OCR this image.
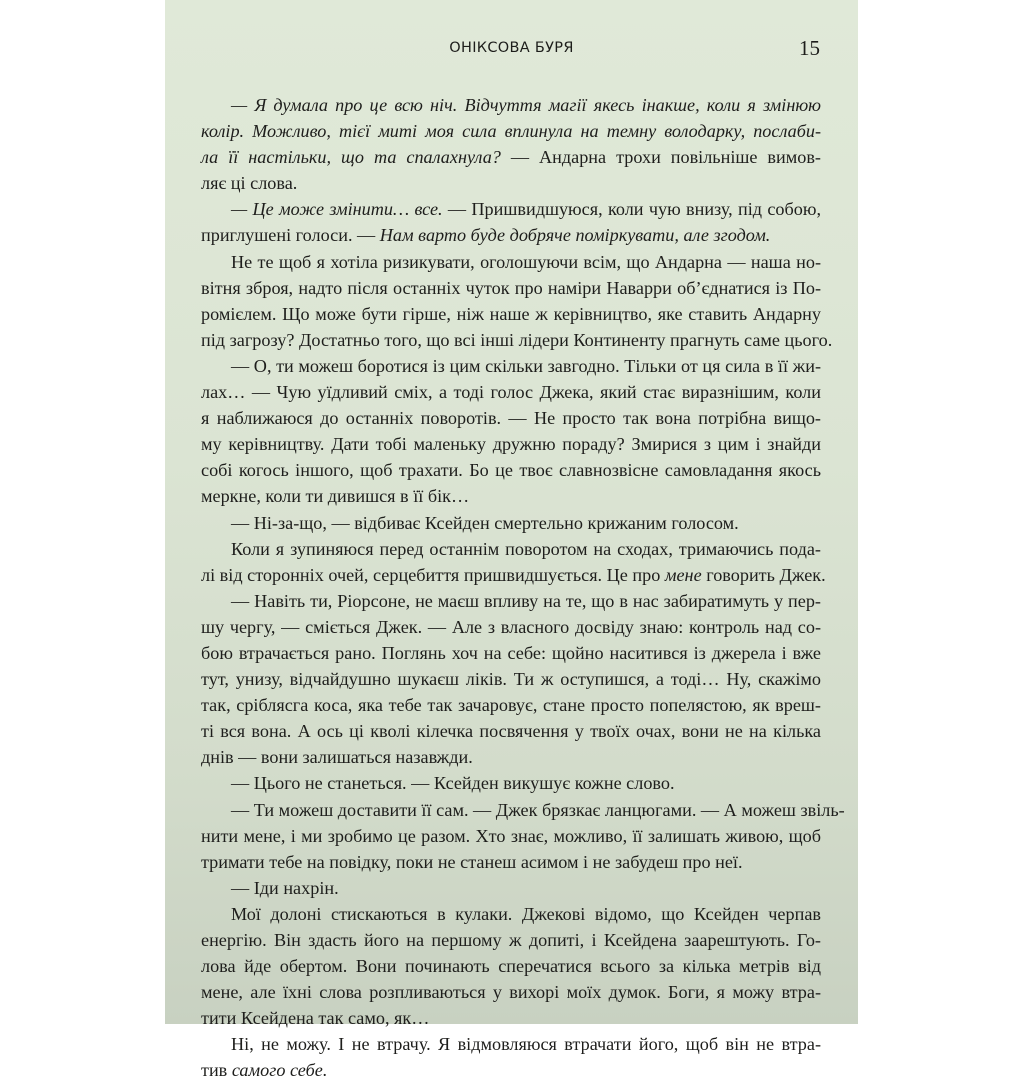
ОНІКСОВА БУРЯ	15
— Я думала про це всю ніч. Відчуття магії якесь інакше, коли я змінюю
колір. Можливо, тієї миті моя сила вплинула на темну володарку, послаби-
ла її настільки, що та спалахнула? — Андарна трохи повільніше вимов-
ляє ці слова.
— Це може змінити… все. — Пришвидшуюся, коли чую внизу, під собою,
приглушені голоси. — Нам варто буде добряче поміркувати, але згодом.
Не те щоб я хотіла ризикувати, оголошуючи всім, що Андарна — наша но-
вітня зброя, надто після останніх чуток про наміри Наварри об’єднатися із По-
ромієлем. Що може бути гірше, ніж наше ж керівництво, яке ставить Андарну
під загрозу? Достатньо того, що всі інші лідери Континенту прагнуть саме цього.
— О, ти можеш боротися із цим скільки завгодно. Тільки от ця сила в її жи-
лах… — Чую уїдливий сміх, а тоді голос Джека, який стає виразнішим, коли
я наближаюся до останніх поворотів. — Не просто так вона потрібна вищо-
му керівництву. Дати тобі маленьку дружню пораду? Змирися з цим і знайди
собі когось іншого, щоб трахати. Бо це твоє славнозвісне самовладання якось
меркне, коли ти дивишся в її бік…
— Ні-за-що, — відбиває Ксейден смертельно крижаним голосом.
Коли я зупиняюся перед останнім поворотом на сходах, тримаючись пода-
лі від сторонніх очей, серцебиття пришвидшується. Це про мене говорить Джек.
— Навіть ти, Ріорсоне, не маєш впливу на те, що в нас забиратимуть у пер-
шу чергу, — сміється Джек. — Але з власного досвіду знаю: контроль над со-
бою втрачається рано. Поглянь хоч на себе: щойно наситився із джерела і вже
тут, унизу, відчайдушно шукаєш ліків. Ти ж оступишся, а тоді… Ну, скажімо
так, сріблясга коса, яка тебе так зачаровує, стане просто попелястою, як вреш-
ті вся вона. А ось ці кволі кілечка посвячення у твоїх очах, вони не на кілька
днів — вони залишаться назавжди.
— Цього не станеться. — Ксейден викушує кожне слово.
— Ти можеш доставити її сам. — Джек брязкає ланцюгами. — А можеш звіль-
нити мене, і ми зробимо це разом. Хто знає, можливо, її залишать живою, щоб
тримати тебе на повідку, поки не станеш асимом і не забудеш про неї.
— Іди нахрін.
Мої долоні стискаються в кулаки. Джекові відомо, що Ксейден черпав
енергію. Він здасть його на першому ж допиті, і Ксейдена заарештують. Го-
лова йде обертом. Вони починають сперечатися всього за кілька метрів від
мене, але їхні слова розпливаються у вихорі моїх думок. Боги, я можу втра-
тити Ксейдена так само, як…
Ні, не можу. І не втрачу. Я відмовляюся втрачати його, щоб він не втра-
тив самого себе.
